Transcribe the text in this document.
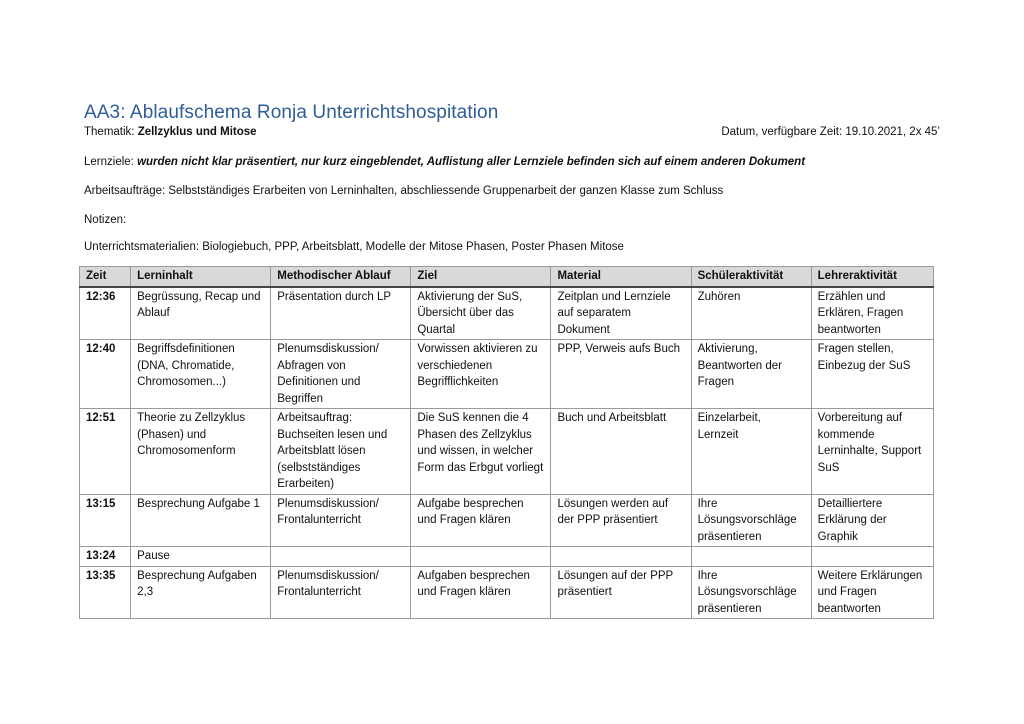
AA3: Ablaufschema Ronja Unterrichtshospitation
Thematik: Zellzyklus und Mitose	Datum, verfügbare Zeit: 19.10.2021, 2x 45’
Lernziele: wurden nicht klar präsentiert, nur kurz eingeblendet, Auflistung aller Lernziele befinden sich auf einem anderen Dokument
Arbeitsaufträge: Selbstständiges Erarbeiten von Lerninhalten, abschliessende Gruppenarbeit der ganzen Klasse zum Schluss
Notizen:
Unterrichtsmaterialien: Biologiebuch, PPP, Arbeitsblatt, Modelle der Mitose Phasen, Poster Phasen Mitose
Zeit	Lerninhalt	Methodischer Ablauf	Ziel	Material	Schüleraktivität	Lehreraktivität
12:36	Begrüssung, Recap und Ablauf	Präsentation durch LP	Aktivierung der SuS, Übersicht über das Quartal	Zeitplan und Lernziele auf separatem Dokument	Zuhören	Erzählen und Erklären, Fragen beantworten
12:40	Begriffsdefinitionen (DNA, Chromatide, Chromosomen...)	Plenumsdiskussion/ Abfragen von Definitionen und Begriffen	Vorwissen aktivieren zu verschiedenen Begrifflichkeiten	PPP, Verweis aufs Buch	Aktivierung, Beantworten der Fragen	Fragen stellen, Einbezug der SuS
12:51	Theorie zu Zellzyklus (Phasen) und Chromosomenform	Arbeitsauftrag: Buchseiten lesen und Arbeitsblatt lösen (selbstständiges Erarbeiten)	Die SuS kennen die 4 Phasen des Zellzyklus und wissen, in welcher Form das Erbgut vorliegt	Buch und Arbeitsblatt	Einzelarbeit, Lernzeit	Vorbereitung auf kommende Lerninhalte, Support SuS
13:15	Besprechung Aufgabe 1	Plenumsdiskussion/ Frontalunterricht	Aufgabe besprechen und Fragen klären	Lösungen werden auf der PPP präsentiert	Ihre Lösungsvorschläge präsentieren	Detailliertere Erklärung der Graphik
13:24	Pause					
13:35	Besprechung Aufgaben 2,3	Plenumsdiskussion/ Frontalunterricht	Aufgaben besprechen und Fragen klären	Lösungen auf der PPP präsentiert	Ihre Lösungsvorschläge präsentieren	Weitere Erklärungen und Fragen beantworten
